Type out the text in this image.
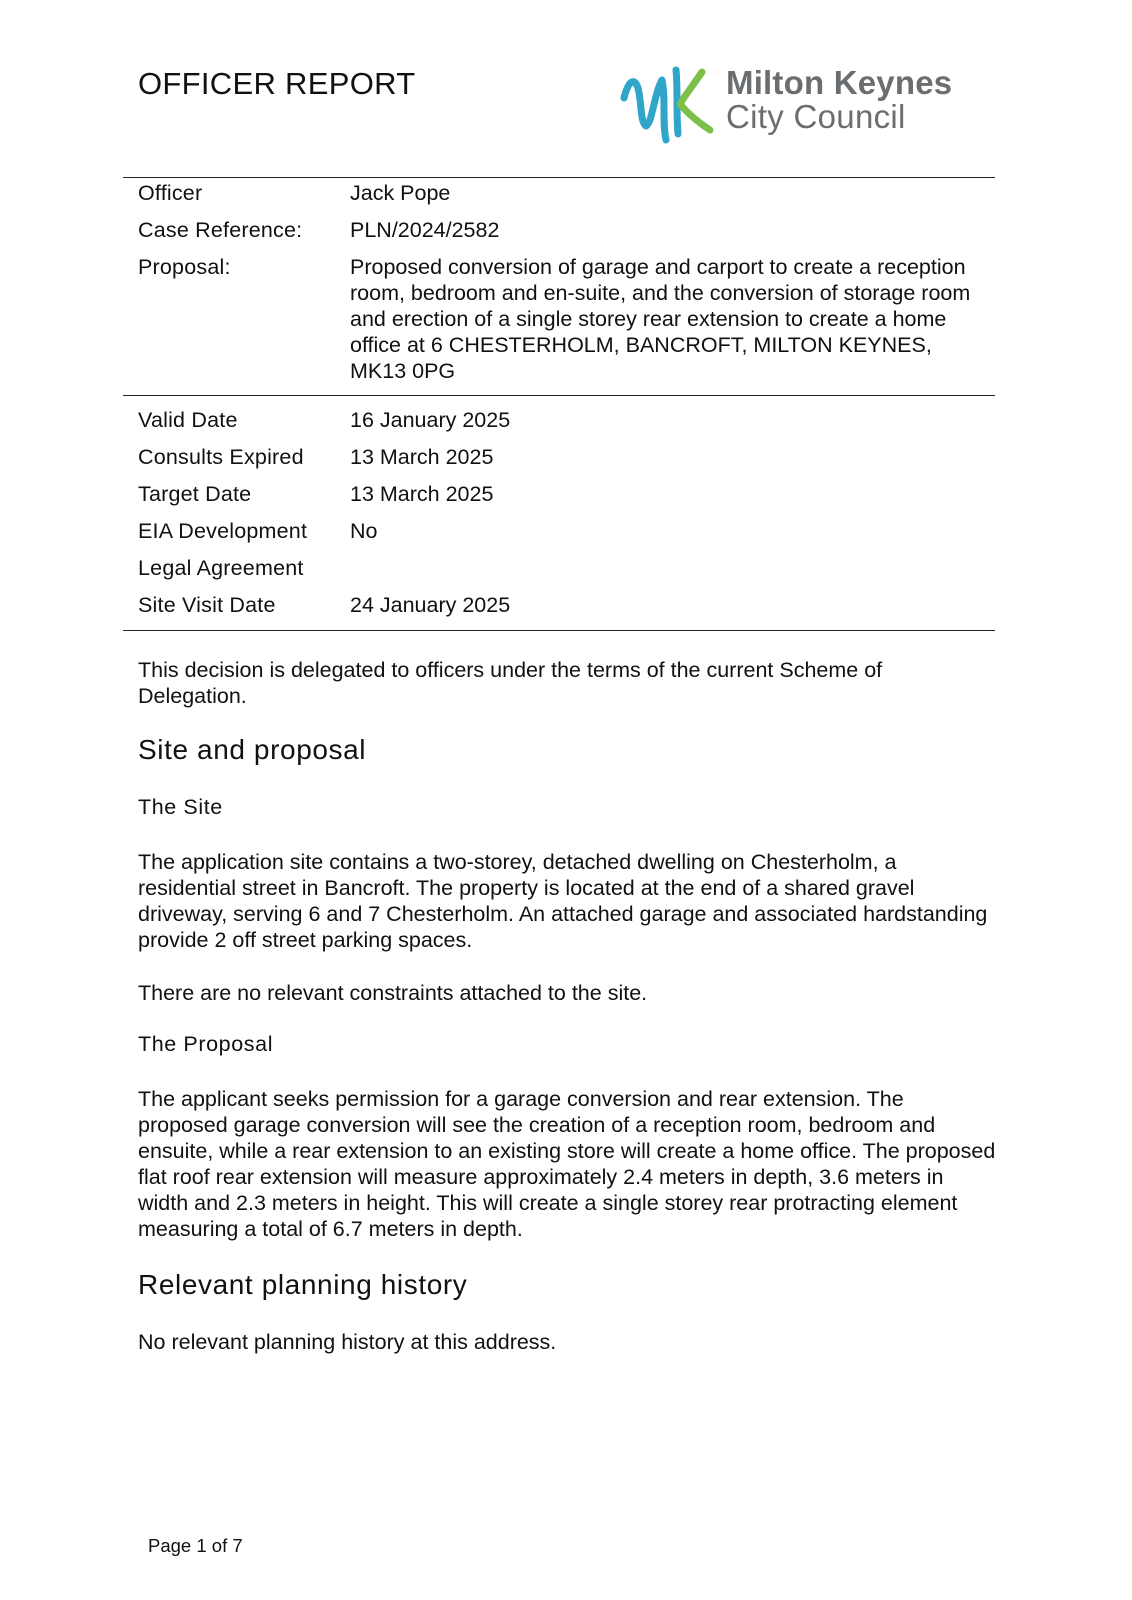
OFFICER REPORT	Milton Keynes
City Council
Officer	Jack Pope
Case Reference: PLN/2024/2582
Proposal:	Proposed conversion of garage and carport to create a reception room, bedroom and en-suite, and the conversion of storage room and erection of a single storey rear extension to create a home office at 6 CHESTERHOLM, BANCROFT, MILTON KEYNES, MK13 0PG
Valid Date	16 January 2025
Consults Expired 13 March 2025
Target Date	13 March 2025
EIA Development No
Legal Agreement
Site Visit Date	24 January 2025
This decision is delegated to officers under the terms of the current Scheme of Delegation.
Site and proposal
The Site
The application site contains a two-storey, detached dwelling on Chesterholm, a residential street in Bancroft. The property is located at the end of a shared gravel driveway, serving 6 and 7 Chesterholm. An attached garage and associated hardstanding provide 2 off street parking spaces.
There are no relevant constraints attached to the site.
The Proposal
The applicant seeks permission for a garage conversion and rear extension. The proposed garage conversion will see the creation of a reception room, bedroom and ensuite, while a rear extension to an existing store will create a home office. The proposed flat roof rear extension will measure approximately 2.4 meters in depth, 3.6 meters in width and 2.3 meters in height. This will create a single storey rear protracting element measuring a total of 6.7 meters in depth.
Relevant planning history
No relevant planning history at this address.
Page 1 of 7
